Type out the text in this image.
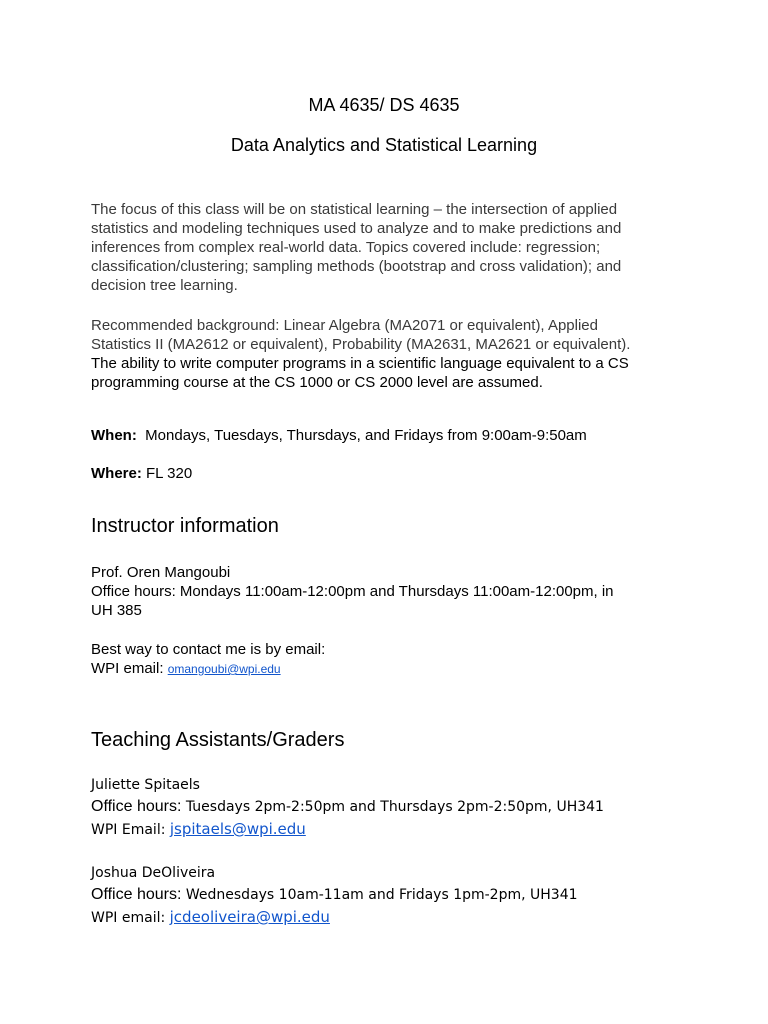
MA 4635/ DS 4635
Data Analytics and Statistical Learning
The focus of this class will be on statistical learning – the intersection of applied
statistics and modeling techniques used to analyze and to make predictions and
inferences from complex real-world data. Topics covered include: regression;
classification/clustering; sampling methods (bootstrap and cross validation); and
decision tree learning.
Recommended background: Linear Algebra (MA2071 or equivalent), Applied
Statistics II (MA2612 or equivalent), Probability (MA2631, MA2621 or equivalent).
The ability to write computer programs in a scientific language equivalent to a CS
programming course at the CS 1000 or CS 2000 level are assumed.
When: Mondays, Tuesdays, Thursdays, and Fridays from 9:00am-9:50am
Where: FL 320
Instructor information
Prof. Oren Mangoubi
Office hours: Mondays 11:00am-12:00pm and Thursdays 11:00am-12:00pm, in
UH 385
Best way to contact me is by email:
WPI email: omangoubi@wpi.edu
Teaching Assistants/Graders
Juliette Spitaels
Office hours: Tuesdays 2pm-2:50pm and Thursdays 2pm-2:50pm, UH341
WPI Email: jspitaels@wpi.edu
Joshua DeOliveira
Office hours: Wednesdays 10am-11am and Fridays 1pm-2pm, UH341
WPI email: jcdeoliveira@wpi.edu
